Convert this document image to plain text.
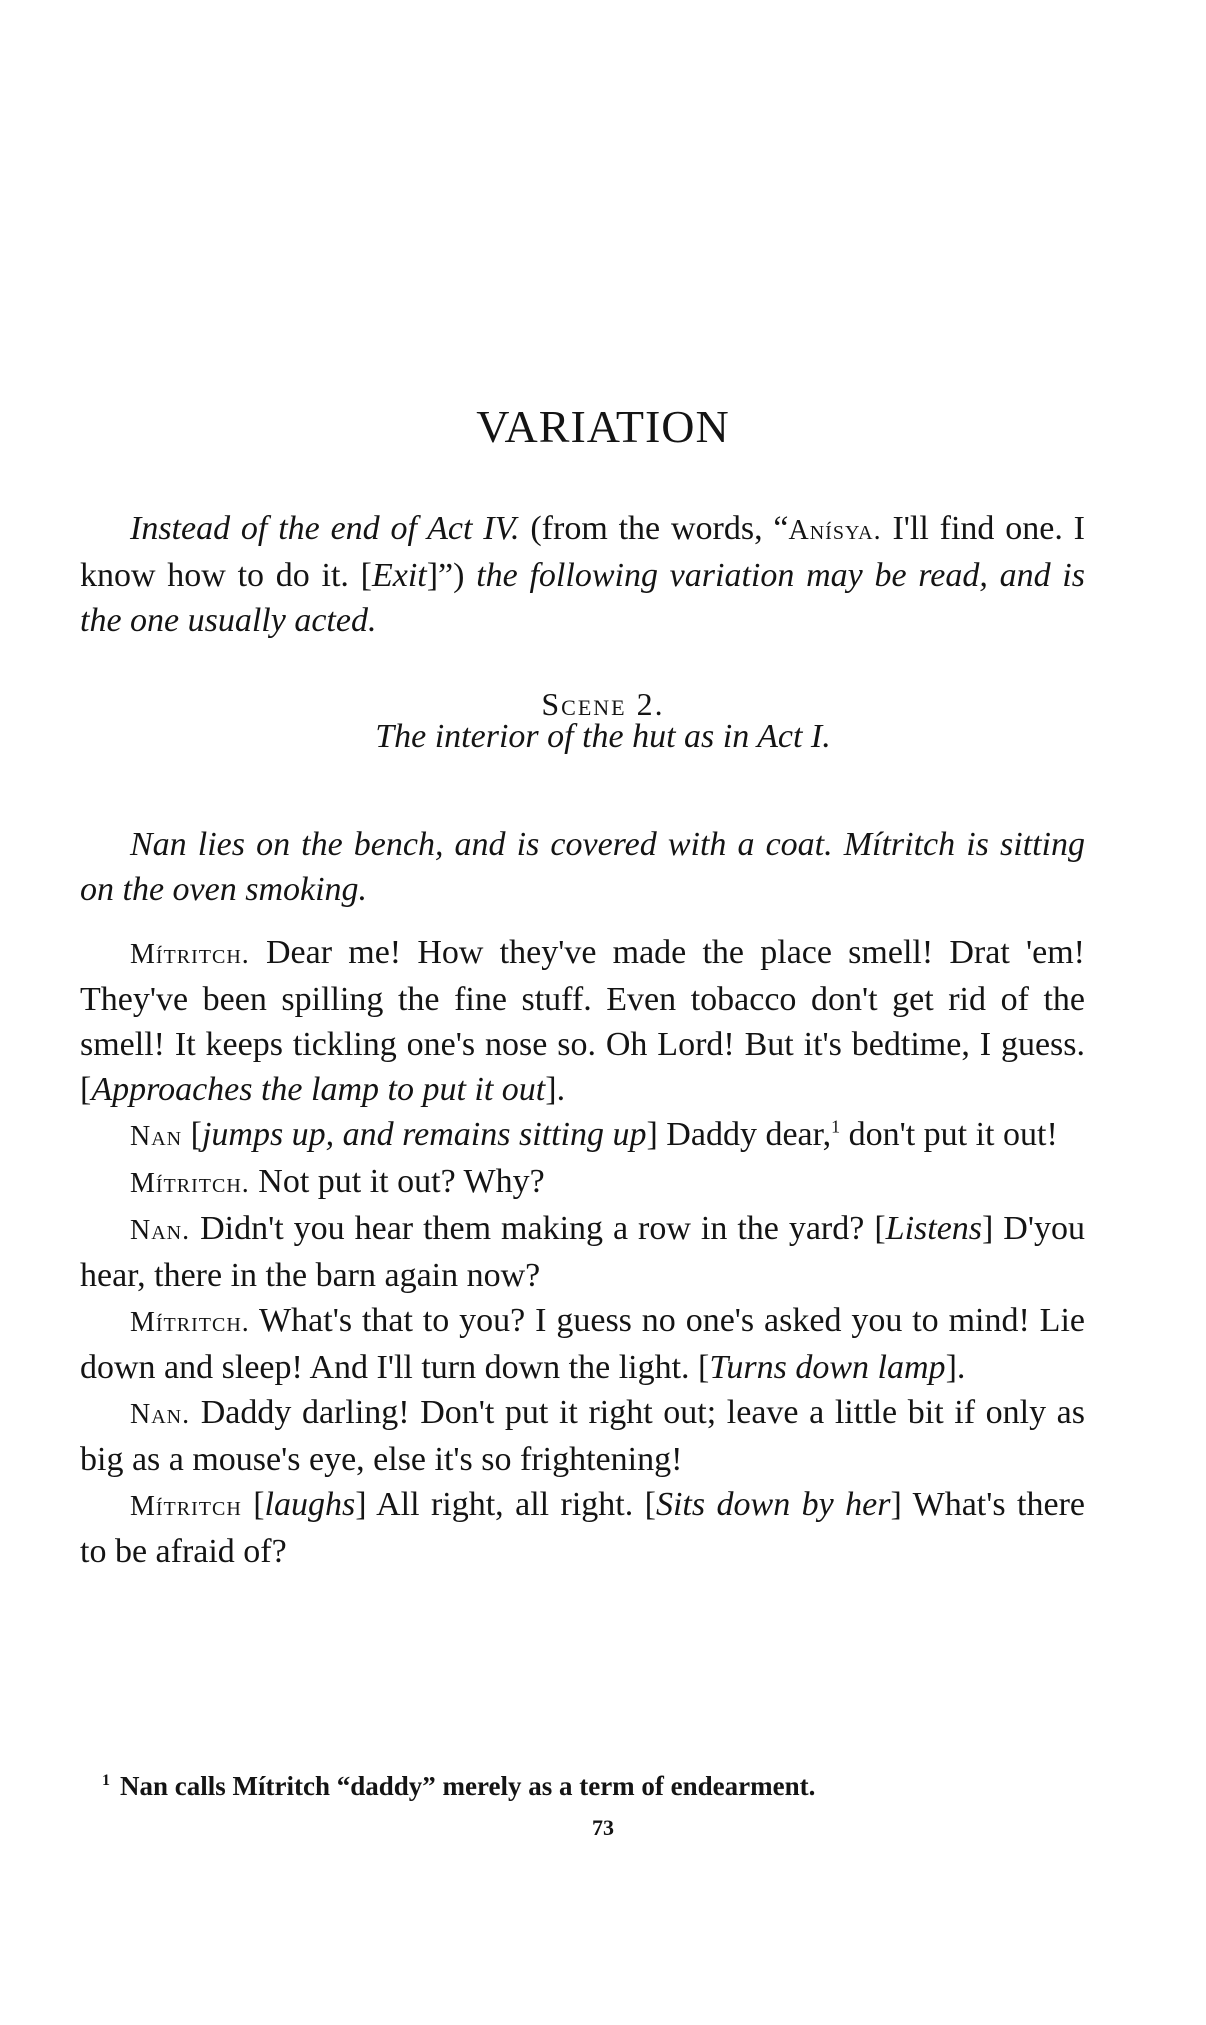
VARIATION

Instead of the end of Act IV. (from the words, “Anísya. I'll find one. I know how to do it. [Exit]”) the following variation may be read, and is the one usually acted.

Scene 2.
The interior of the hut as in Act I.

Nan lies on the bench, and is covered with a coat. Mítritch is sitting on the oven smoking.

Mítritch. Dear me! How they've made the place smell! Drat 'em! They've been spilling the fine stuff. Even tobacco don't get rid of the smell! It keeps tickling one's nose so. Oh Lord! But it's bedtime, I guess. [Approaches the lamp to put it out].

Nan [jumps up, and remains sitting up] Daddy dear,$^1$ don't put it out!

Mítritch. Not put it out? Why?

Nan. Didn't you hear them making a row in the yard? [Listens] D'you hear, there in the barn again now?

Mítritch. What's that to you? I guess no one's asked you to mind! Lie down and sleep! And I'll turn down the light. [Turns down lamp].

Nan. Daddy darling! Don't put it right out; leave a little bit if only as big as a mouse's eye, else it's so frightening!

Mítritch [laughs] All right, all right. [Sits down by her] What's there to be afraid of?

$^1$ Nan calls Mítritch “daddy” merely as a term of endearment.
73
